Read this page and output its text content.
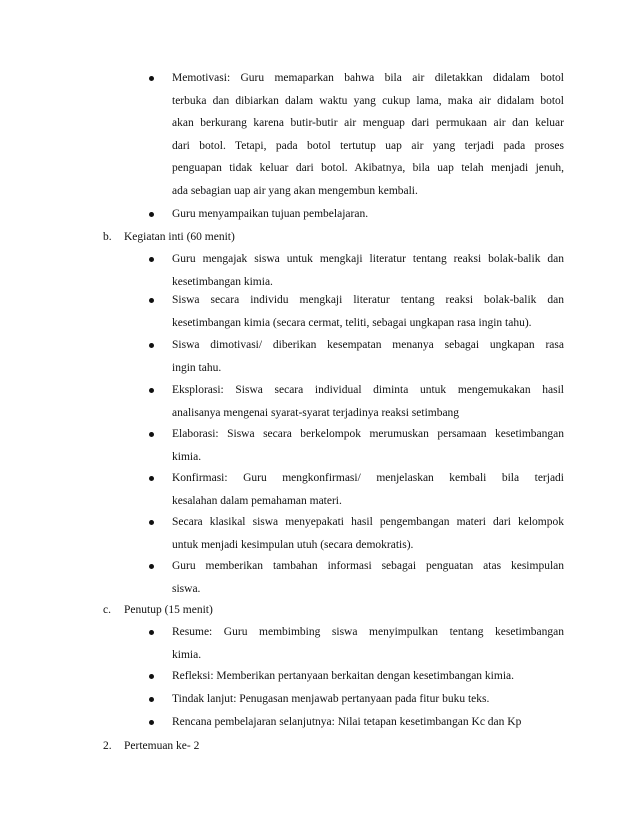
Memotivasi: Guru memaparkan bahwa bila air diletakkan didalam botol
terbuka dan dibiarkan dalam waktu yang cukup lama, maka air didalam botol
akan berkurang karena butir-butir air menguap dari permukaan air dan keluar
dari botol. Tetapi, pada botol tertutup uap air yang terjadi pada proses
penguapan tidak keluar dari botol. Akibatnya, bila uap telah menjadi jenuh,
ada sebagian uap air yang akan mengembun kembali.
Guru menyampaikan tujuan pembelajaran.
b. Kegiatan inti (60 menit)
Guru mengajak siswa untuk mengkaji literatur tentang reaksi bolak-balik dan
kesetimbangan kimia.
Siswa secara individu mengkaji literatur tentang reaksi bolak-balik dan
kesetimbangan kimia (secara cermat, teliti, sebagai ungkapan rasa ingin tahu).
Siswa dimotivasi/ diberikan kesempatan menanya sebagai ungkapan rasa
ingin tahu.
Eksplorasi: Siswa secara individual diminta untuk mengemukakan hasil
analisanya mengenai syarat-syarat terjadinya reaksi setimbang
Elaborasi: Siswa secara berkelompok merumuskan persamaan kesetimbangan
kimia.
Konfirmasi: Guru mengkonfirmasi/ menjelaskan kembali bila terjadi
kesalahan dalam pemahaman materi.
Secara klasikal siswa menyepakati hasil pengembangan materi dari kelompok
untuk menjadi kesimpulan utuh (secara demokratis).
Guru memberikan tambahan informasi sebagai penguatan atas kesimpulan
siswa.
c. Penutup (15 menit)
Resume: Guru membimbing siswa menyimpulkan tentang kesetimbangan
kimia.
Refleksi: Memberikan pertanyaan berkaitan dengan kesetimbangan kimia.
Tindak lanjut: Penugasan menjawab pertanyaan pada fitur buku teks.
Rencana pembelajaran selanjutnya: Nilai tetapan kesetimbangan Kc dan Kp
2. Pertemuan ke- 2
